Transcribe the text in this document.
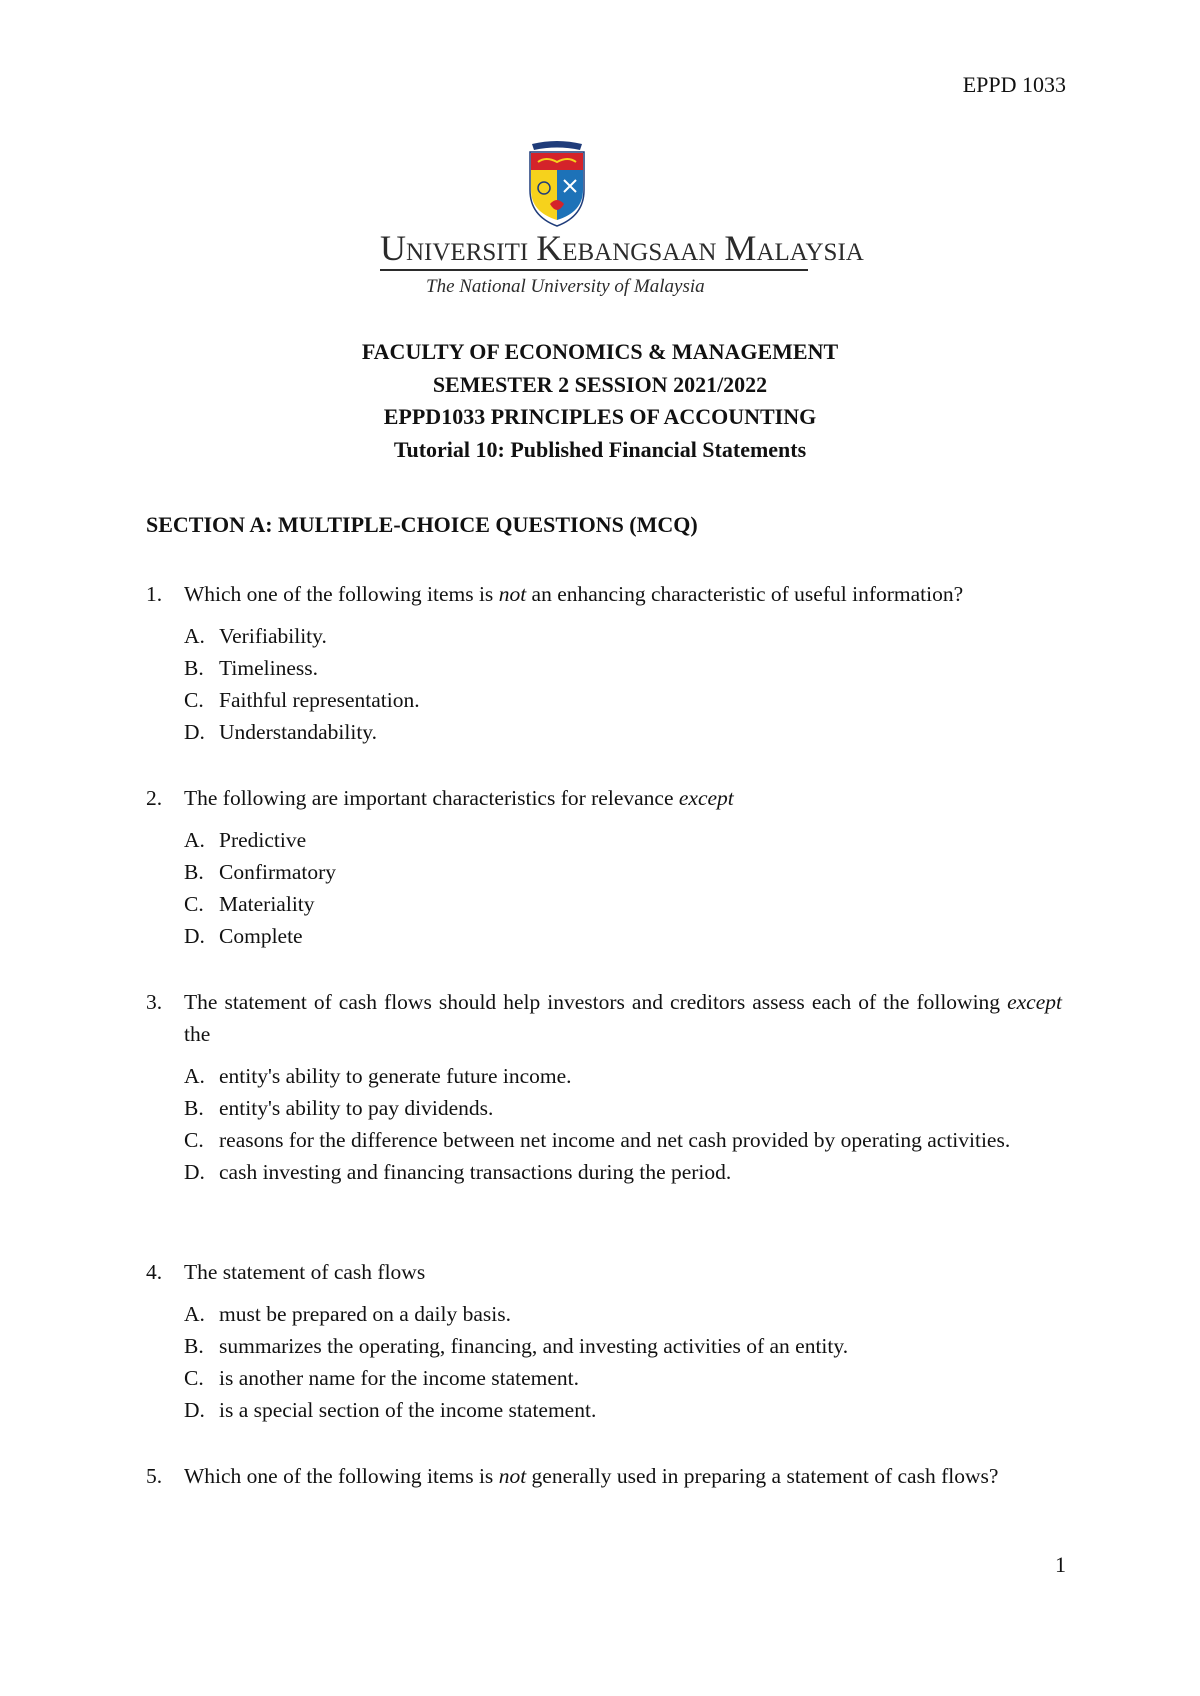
EPPD 1033
UNIVERSITI KEBANGSAAN MALAYSIA
The National University of Malaysia
FACULTY OF ECONOMICS & MANAGEMENT
SEMESTER 2 SESSION 2021/2022
EPPD1033 PRINCIPLES OF ACCOUNTING
Tutorial 10: Published Financial Statements
SECTION A: MULTIPLE-CHOICE QUESTIONS (MCQ)
1. Which one of the following items is not an enhancing characteristic of useful information?
A. Verifiability.
B. Timeliness.
C. Faithful representation.
D. Understandability.
2. The following are important characteristics for relevance except
A. Predictive
B. Confirmatory
C. Materiality
D. Complete
3. The statement of cash flows should help investors and creditors assess each of the following except the
A. entity's ability to generate future income.
B. entity's ability to pay dividends.
C. reasons for the difference between net income and net cash provided by operating activities.
D. cash investing and financing transactions during the period.
4. The statement of cash flows
A. must be prepared on a daily basis.
B. summarizes the operating, financing, and investing activities of an entity.
C. is another name for the income statement.
D. is a special section of the income statement.
5. Which one of the following items is not generally used in preparing a statement of cash flows?
1
